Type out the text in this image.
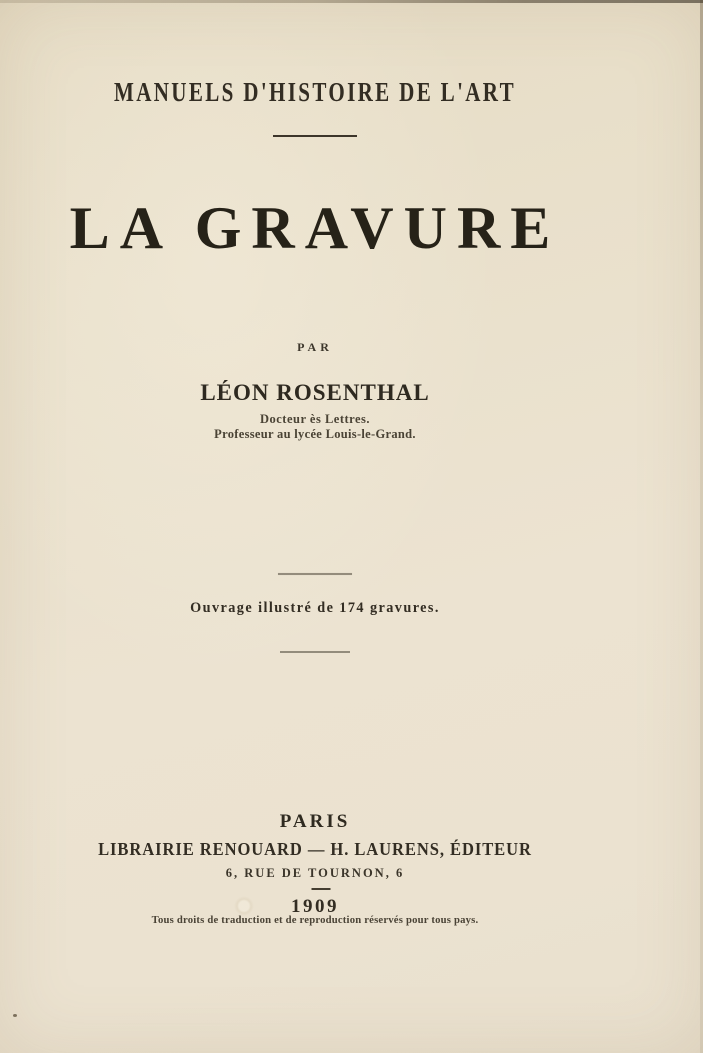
MANUELS D'HISTOIRE DE L'ART
LA GRAVURE
PAR
LÉON ROSENTHAL
Docteur ès Lettres.
Professeur au lycée Louis-le-Grand.
Ouvrage illustré de 174 gravures.
PARIS
LIBRAIRIE RENOUARD — H. LAURENS, ÉDITEUR
6, RUE DE TOURNON, 6
1909
Tous droits de traduction et de reproduction réservés pour tous pays.
